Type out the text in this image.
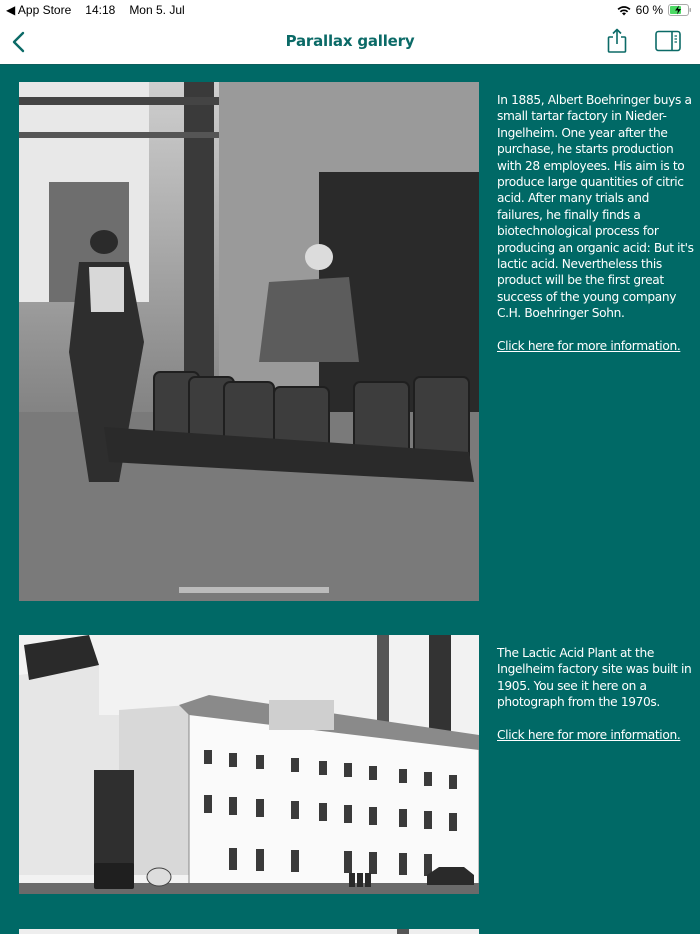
◀ App Store 14:18 Mon 5. Jul	60 %
Parallax gallery

In 1885, Albert Boehringer buys a small tartar factory in Nieder-Ingelheim. One year after the purchase, he starts production with 28 employees. His aim is to produce large quantities of citric acid. After many trials and failures, he finally finds a biotechnological process for producing an organic acid: But it's lactic acid. Nevertheless this product will be the first great success of the young company C.H. Boehringer Sohn.

Click here for more information.

The Lactic Acid Plant at the Ingelheim factory site was built in 1905. You see it here on a photograph from the 1970s.

Click here for more information.
